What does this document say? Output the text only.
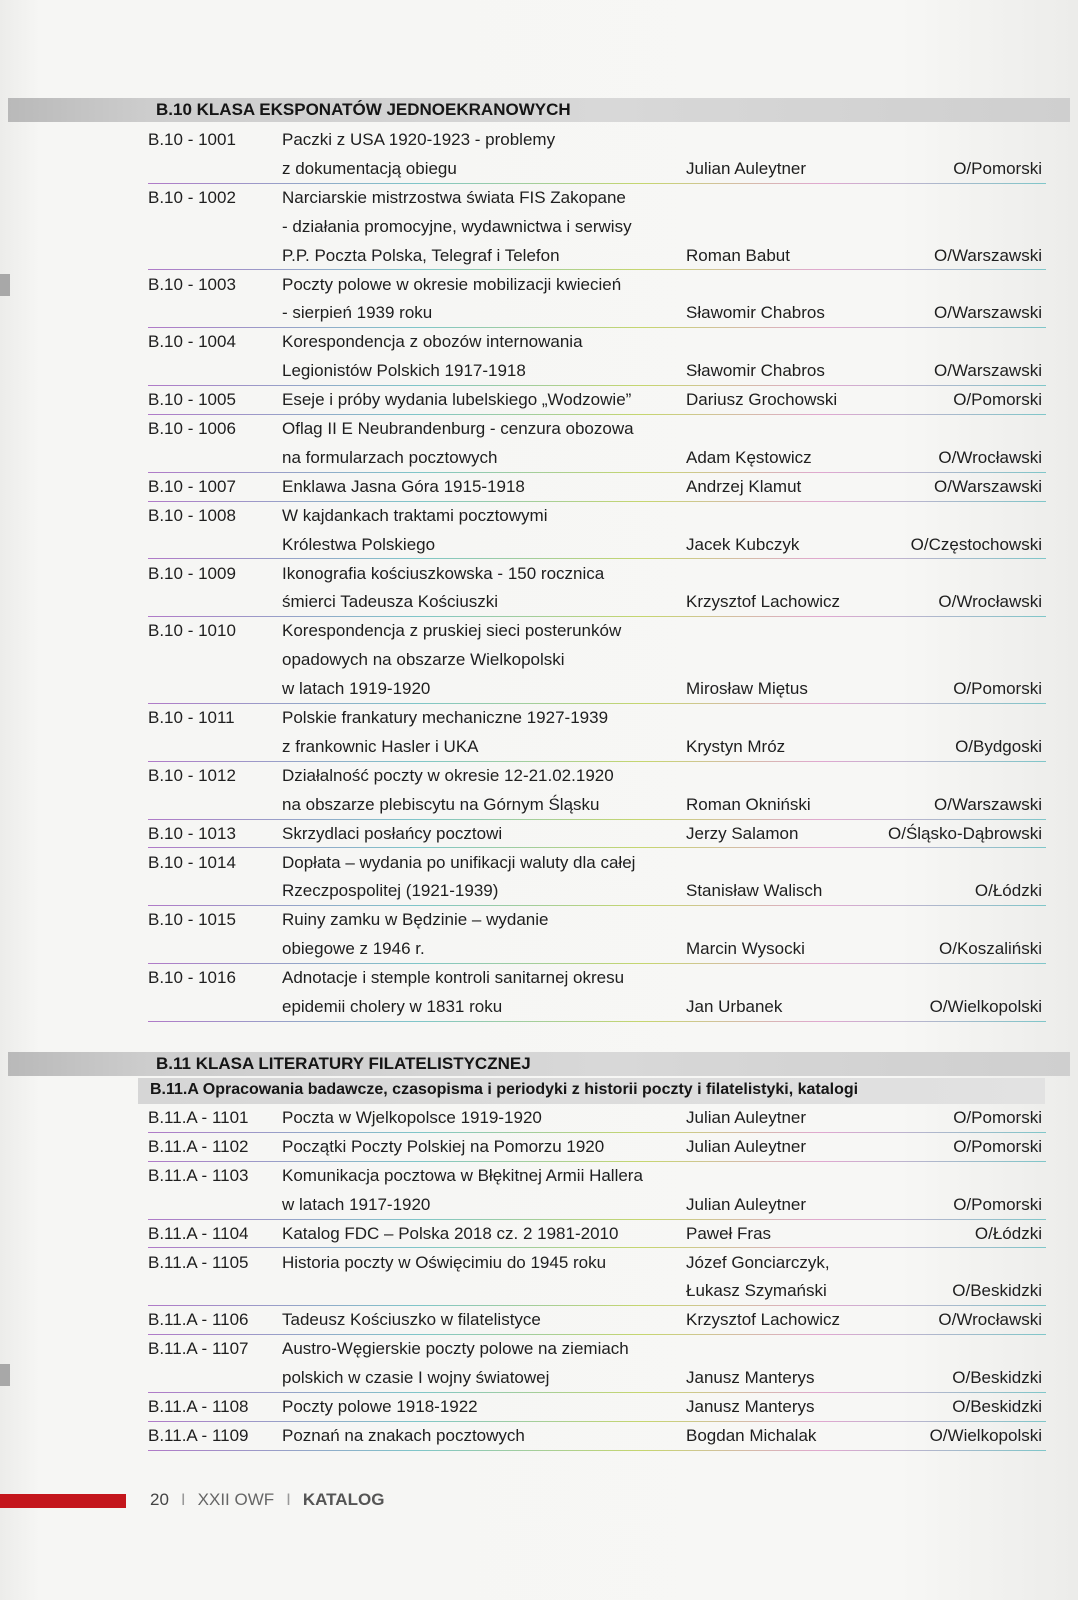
B.10 KLASA EKSPONATÓW JEDNOEKRANOWYCH
B.10 - 1001	Paczki z USA 1920-1923 - problemy
z dokumentacją obiegu	Julian Auleytner	O/Pomorski
B.10 - 1002	Narciarskie mistrzostwa świata FIS Zakopane
- działania promocyjne, wydawnictwa i serwisy
P.P. Poczta Polska, Telegraf i Telefon	Roman Babut	O/Warszawski
B.10 - 1003	Poczty polowe w okresie mobilizacji kwiecień
- sierpień 1939 roku	Sławomir Chabros	O/Warszawski
B.10 - 1004	Korespondencja z obozów internowania
Legionistów Polskich 1917-1918	Sławomir Chabros	O/Warszawski
B.10 - 1005	Eseje i próby wydania lubelskiego „Wodzowie”	Dariusz Grochowski	O/Pomorski
B.10 - 1006	Oflag II E Neubrandenburg - cenzura obozowa
na formularzach pocztowych	Adam Kęstowicz	O/Wrocławski
B.10 - 1007	Enklawa Jasna Góra 1915-1918	Andrzej Klamut	O/Warszawski
B.10 - 1008	W kajdankach traktami pocztowymi
Królestwa Polskiego	Jacek Kubczyk	O/Częstochowski
B.10 - 1009	Ikonografia kościuszkowska - 150 rocznica
śmierci Tadeusza Kościuszki	Krzysztof Lachowicz	O/Wrocławski
B.10 - 1010	Korespondencja z pruskiej sieci posterunków
opadowych na obszarze Wielkopolski
w latach 1919-1920	Mirosław Miętus	O/Pomorski
B.10 - 1011	Polskie frankatury mechaniczne 1927-1939
z frankownic Hasler i UKA	Krystyn Mróz	O/Bydgoski
B.10 - 1012	Działalność poczty w okresie 12-21.02.1920
na obszarze plebiscytu na Górnym Śląsku	Roman Okniński	O/Warszawski
B.10 - 1013	Skrzydlaci posłańcy pocztowi	Jerzy Salamon	O/Śląsko-Dąbrowski
B.10 - 1014	Dopłata – wydania po unifikacji waluty dla całej
Rzeczpospolitej (1921-1939)	Stanisław Walisch	O/Łódzki
B.10 - 1015	Ruiny zamku w Będzinie – wydanie
obiegowe z 1946 r.	Marcin Wysocki	O/Koszaliński
B.10 - 1016	Adnotacje i stemple kontroli sanitarnej okresu
epidemii cholery w 1831 roku	Jan Urbanek	O/Wielkopolski
B.11 KLASA LITERATURY FILATELISTYCZNEJ
B.11.A Opracowania badawcze, czasopisma i periodyki z historii poczty i filatelistyki, katalogi
B.11.A - 1101 Poczta w Wjelkopolsce 1919-1920	Julian Auleytner	O/Pomorski
B.11.A - 1102 Początki Poczty Polskiej na Pomorzu 1920	Julian Auleytner	O/Pomorski
B.11.A - 1103 Komunikacja pocztowa w Błękitnej Armii Hallera
w latach 1917-1920	Julian Auleytner	O/Pomorski
B.11.A - 1104 Katalog FDC – Polska 2018 cz. 2 1981-2010	Paweł Fras	O/Łódzki
B.11.A - 1105 Historia poczty w Oświęcimiu do 1945 roku	Józef Gonciarczyk,
Łukasz Szymański	O/Beskidzki
B.11.A - 1106 Tadeusz Kościuszko w filatelistyce	Krzysztof Lachowicz	O/Wrocławski
B.11.A - 1107 Austro-Węgierskie poczty polowe na ziemiach
polskich w czasie I wojny światowej	Janusz Manterys	O/Beskidzki
B.11.A - 1108 Poczty polowe 1918-1922	Janusz Manterys	O/Beskidzki
B.11.A - 1109 Poznań na znakach pocztowych	Bogdan Michalak	O/Wielkopolski
20 I XXII OWF I KATALOG
